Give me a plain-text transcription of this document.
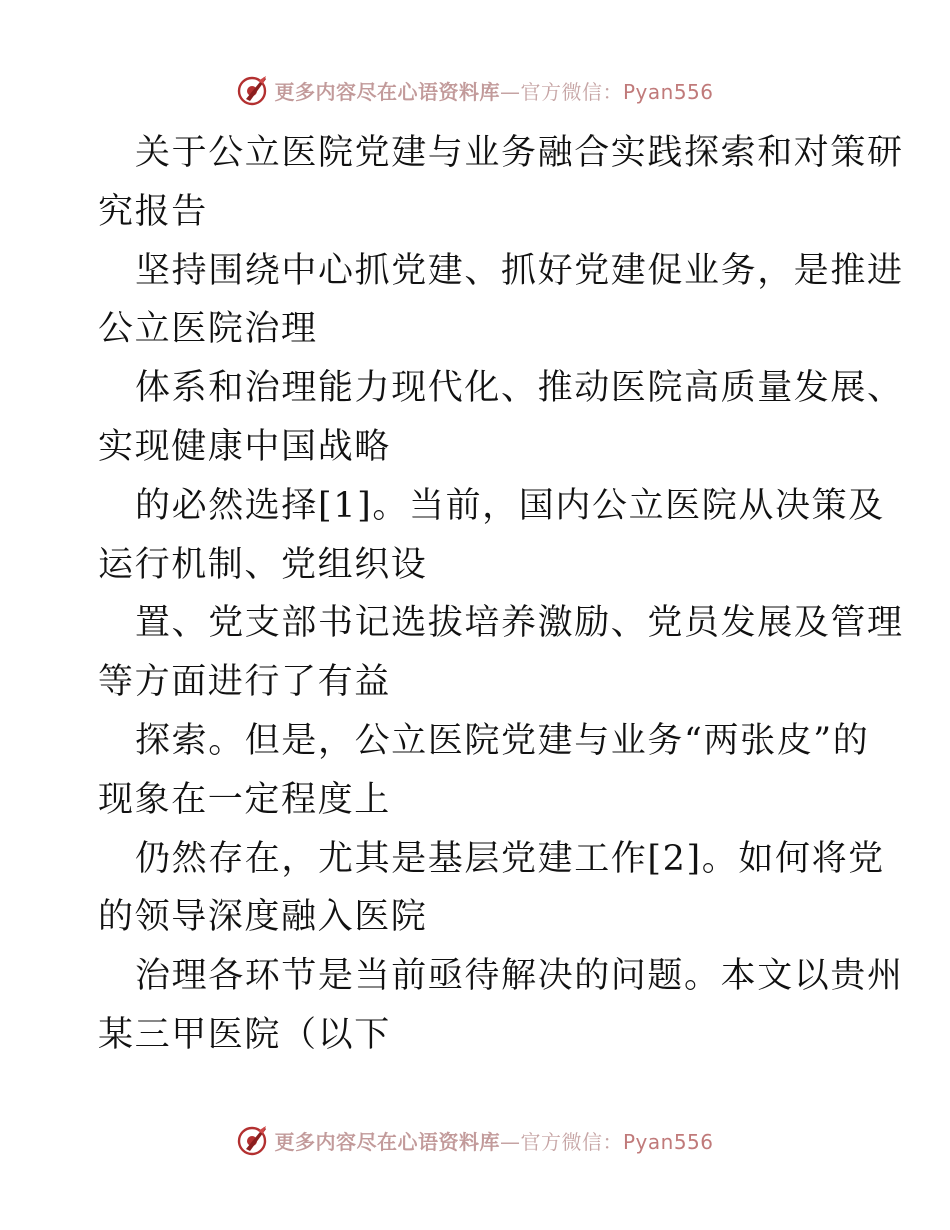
更多内容尽在心语资料库—官方微信：Pyan556
关于公立医院党建与业务融合实践探索和对策研
究报告
坚持围绕中心抓党建、抓好党建促业务，是推进
公立医院治理
体系和治理能力现代化、推动医院高质量发展、
实现健康中国战略
的必然选择[1]。当前，国内公立医院从决策及
运行机制、党组织设
置、党支部书记选拔培养激励、党员发展及管理
等方面进行了有益
探索。但是，公立医院党建与业务“两张皮”的
现象在一定程度上
仍然存在，尤其是基层党建工作[2]。如何将党
的领导深度融入医院
治理各环节是当前亟待解决的问题。本文以贵州
某三甲医院（以下
更多内容尽在心语资料库—官方微信：Pyan556
